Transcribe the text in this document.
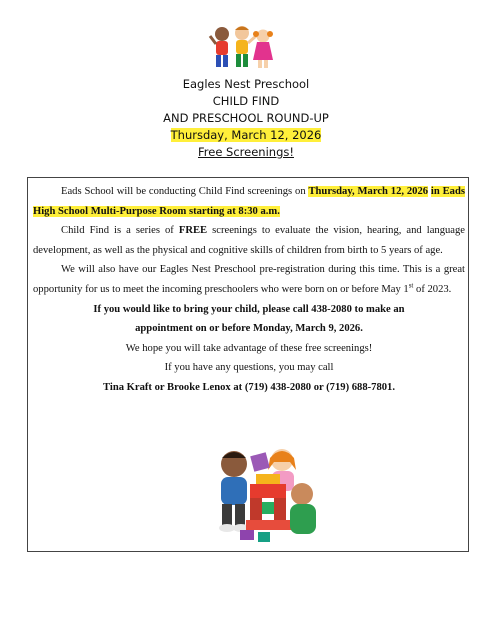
Eagles Nest Preschool
CHILD FIND
AND PRESCHOOL ROUND-UP
Thursday, March 12, 2026
Free Screenings!

Eads School will be conducting Child Find screenings on Thursday, March 12, 2026 in Eads High School Multi-Purpose Room starting at 8:30 a.m.

Child Find is a series of FREE screenings to evaluate the vision, hearing, and language development, as well as the physical and cognitive skills of children from birth to 5 years of age.

We will also have our Eagles Nest Preschool pre-registration during this time. This is a great opportunity for us to meet the incoming preschoolers who were born on or before May 1st of 2023.

If you would like to bring your child, please call 438-2080 to make an

appointment on or before Monday, March 9, 2026.

We hope you will take advantage of these free screenings!

If you have any questions, you may call

Tina Kraft or Brooke Lenox at (719) 438-2080 or (719) 688-7801.
